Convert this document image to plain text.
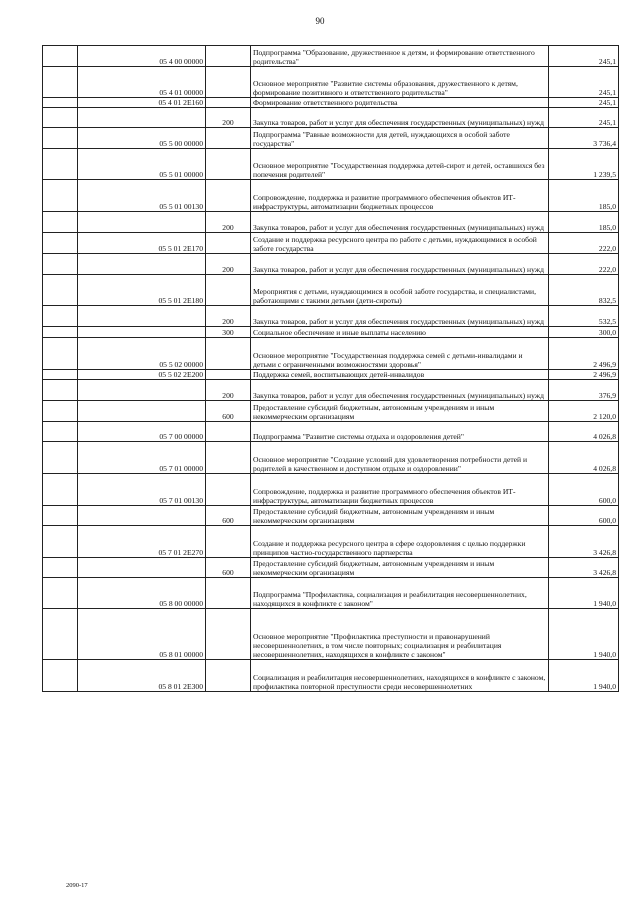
90
	05 4 00 00000		Подпрограмма "Образование, дружественное к детям, и формирование ответственного родительства"	245,1
	05 4 01 00000		Основное мероприятие "Развитие системы образования, дружественного к детям, формирование позитивного и ответственного родительства"	245,1
	05 4 01 2Е160		Формирование ответственного родительства	245,1
		200	Закупка товаров, работ и услуг для обеспечения государственных (муниципальных) нужд	245,1
	05 5 00 00000		Подпрограмма "Равные возможности для детей, нуждающихся в особой заботе государства"	3 736,4
	05 5 01 00000		Основное мероприятие "Государственная поддержка детей-сирот и детей, оставшихся без попечения родителей"	1 239,5
	05 5 01 00130		Сопровождение, поддержка и развитие программного обеспечения объектов ИТ-инфраструктуры, автоматизации бюджетных процессов	185,0
		200	Закупка товаров, работ и услуг для обеспечения государственных (муниципальных) нужд	185,0
	05 5 01 2Е170		Создание и поддержка ресурсного центра по работе с детьми, нуждающимися в особой заботе государства	222,0
		200	Закупка товаров, работ и услуг для обеспечения государственных (муниципальных) нужд	222,0
	05 5 01 2Е180		Мероприятия с детьми, нуждающимися в особой заботе государства, и специалистами, работающими с такими детьми (дети-сироты)	832,5
		200	Закупка товаров, работ и услуг для обеспечения государственных (муниципальных) нужд	532,5
		300	Социальное обеспечение и иные выплаты населению	300,0
	05 5 02 00000		Основное мероприятие "Государственная поддержка семей с детьми-инвалидами и детьми с ограниченными возможностями здоровья"	2 496,9
	05 5 02 2Е200		Поддержка семей, воспитывающих детей-инвалидов	2 496,9
		200	Закупка товаров, работ и услуг для обеспечения государственных (муниципальных) нужд	376,9
		600	Предоставление субсидий бюджетным, автономным учреждениям и иным некоммерческим организациям	2 120,0
	05 7 00 00000		Подпрограмма "Развитие системы отдыха и оздоровления детей"	4 026,8
	05 7 01 00000		Основное мероприятие "Создание условий для удовлетворения потребности детей и родителей в качественном и доступном отдыхе и оздоровлении"	4 026,8
	05 7 01 00130		Сопровождение, поддержка и развитие программного обеспечения объектов ИТ-инфраструктуры, автоматизации бюджетных процессов	600,0
		600	Предоставление субсидий бюджетным, автономным учреждениям и иным некоммерческим организациям	600,0
	05 7 01 2Е270		Создание и поддержка ресурсного центра в сфере оздоровления с целью поддержки принципов частно-государственного партнерства	3 426,8
		600	Предоставление субсидий бюджетным, автономным учреждениям и иным некоммерческим организациям	3 426,8
	05 8 00 00000		Подпрограмма "Профилактика, социализация и реабилитация несовершеннолетних, находящихся в конфликте с законом"	1 940,0
	05 8 01 00000		Основное мероприятие "Профилактика преступности и правонарушений несовершеннолетних, в том числе повторных; социализация и реабилитация несовершеннолетних, находящихся в конфликте с законом"	1 940,0
	05 8 01 2Е300		Социализация и реабилитация несовершеннолетних, находящихся в конфликте с законом, профилактика повторной преступности среди несовершеннолетних	1 940,0
2090-17
